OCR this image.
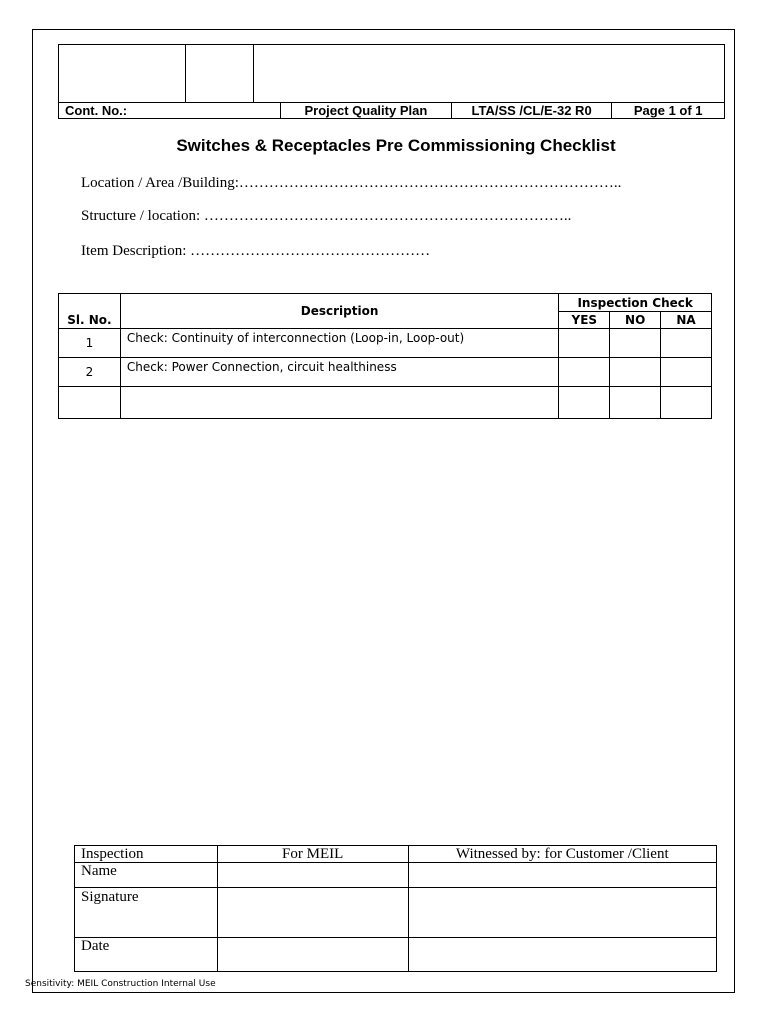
Cont. No.:			Project Quality Plan	LTA/SS /CL/E-32 R0	Page 1 of 1
Switches & Receptacles Pre Commissioning Checklist
Location / Area /Building:…………………………………………………………………..
Structure / location: ………………………………………………………………..
Item Description: …………………………………………
Sl. No.	Description	Inspection Check		
		YES	NO	NA
1	Check: Continuity of interconnection (Loop-in, Loop-out)			
2	Check: Power Connection, circuit healthiness			

Inspection	For MEIL	Witnessed by: for Customer /Client
Name		
Signature		
Date		
Sensitivity: MEIL Construction Internal Use
